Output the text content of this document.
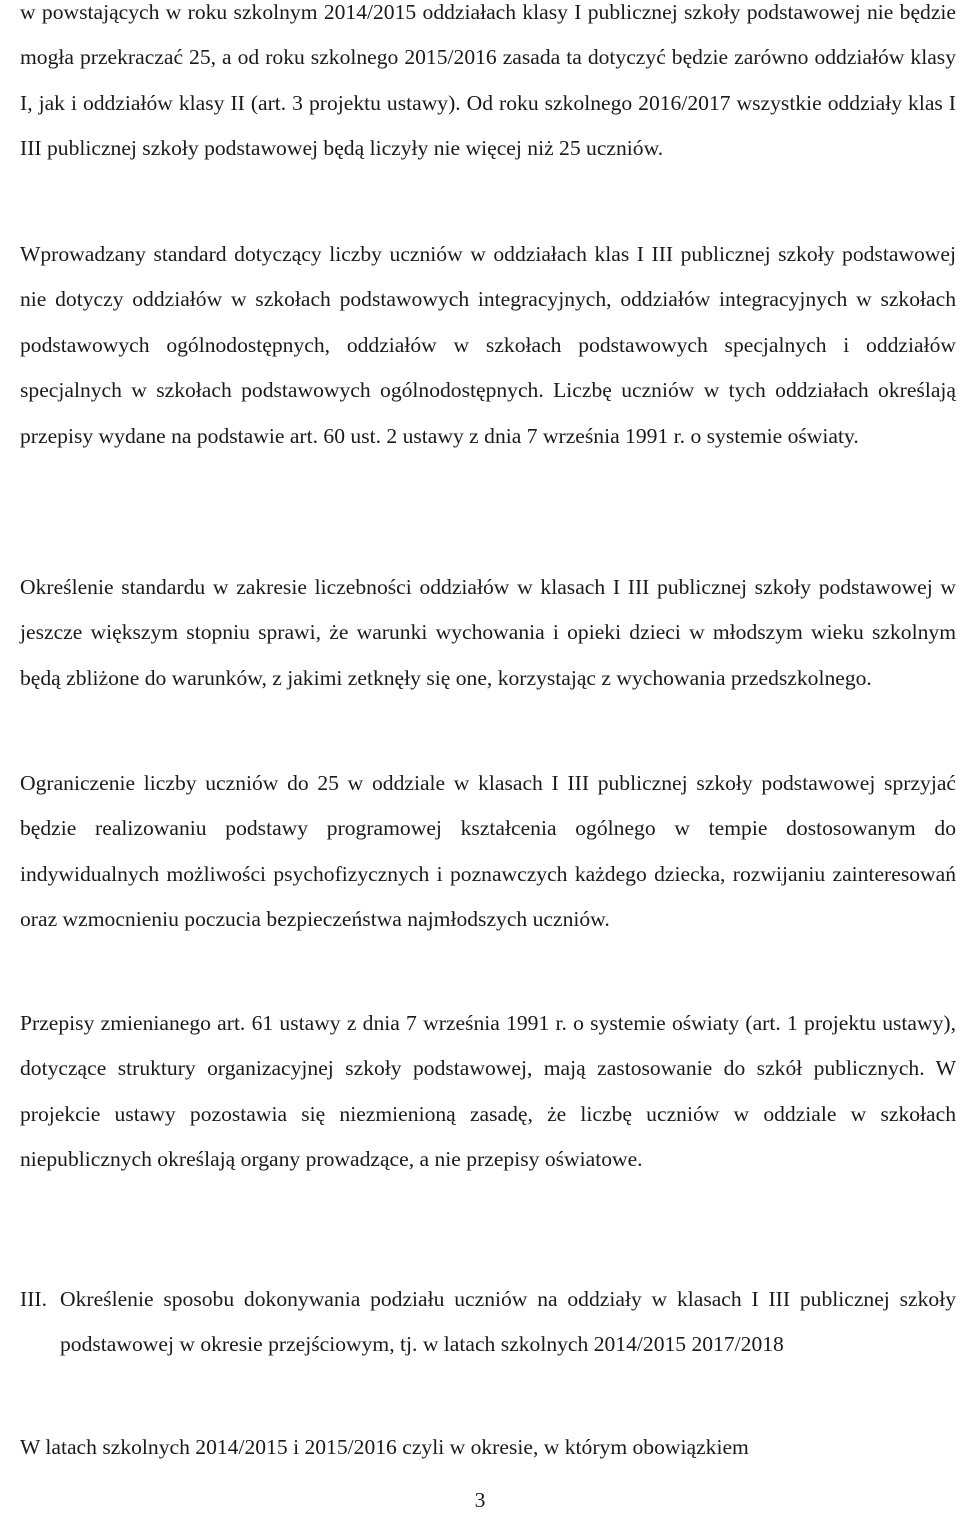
w powstających w roku szkolnym 2014/2015 oddziałach klasy I publicznej szkoły podstawowej nie będzie mogła przekraczać 25, a od roku szkolnego 2015/2016 zasada ta dotyczyć będzie zarówno oddziałów klasy I, jak i oddziałów klasy II (art. 3 projektu ustawy). Od roku szkolnego 2016/2017 wszystkie oddziały klas I III publicznej szkoły podstawowej będą liczyły nie więcej niż 25 uczniów.

Wprowadzany standard dotyczący liczby uczniów w oddziałach klas I III publicznej szkoły podstawowej nie dotyczy oddziałów w szkołach podstawowych integracyjnych, oddziałów integracyjnych w szkołach podstawowych ogólnodostępnych, oddziałów w szkołach podstawowych specjalnych i oddziałów specjalnych w szkołach podstawowych ogólnodostępnych. Liczbę uczniów w tych oddziałach określają przepisy wydane na podstawie art. 60 ust. 2 ustawy z dnia 7 września 1991 r. o systemie oświaty.

Określenie standardu w zakresie liczebności oddziałów w klasach I III publicznej szkoły podstawowej w jeszcze większym stopniu sprawi, że warunki wychowania i opieki dzieci w młodszym wieku szkolnym będą zbliżone do warunków, z jakimi zetknęły się one, korzystając z wychowania przedszkolnego.

Ograniczenie liczby uczniów do 25 w oddziale w klasach I III publicznej szkoły podstawowej sprzyjać będzie realizowaniu podstawy programowej kształcenia ogólnego w tempie dostosowanym do indywidualnych możliwości psychofizycznych i poznawczych każdego dziecka, rozwijaniu zainteresowań oraz wzmocnieniu poczucia bezpieczeństwa najmłodszych uczniów.

Przepisy zmienianego art. 61 ustawy z dnia 7 września 1991 r. o systemie oświaty (art. 1 projektu ustawy), dotyczące struktury organizacyjnej szkoły podstawowej, mają zastosowanie do szkół publicznych. W projekcie ustawy pozostawia się niezmienioną zasadę, że liczbę uczniów w oddziale w szkołach niepublicznych określają organy prowadzące, a nie przepisy oświatowe.

III. Określenie sposobu dokonywania podziału uczniów na oddziały w klasach I III publicznej szkoły podstawowej w okresie przejściowym, tj. w latach szkolnych 2014/2015 2017/2018

W latach szkolnych 2014/2015 i 2015/2016 czyli w okresie, w którym obowiązkiem

3
